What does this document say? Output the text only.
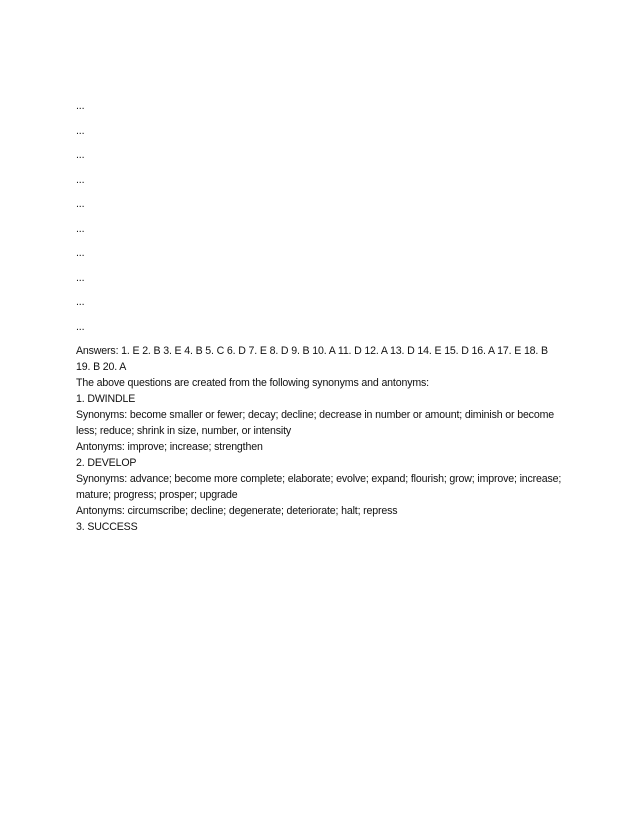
...

...

...

...

...

...

...

...

...

...

Answers: 1. E 2. B 3. E 4. B 5. C 6. D 7. E 8. D 9. B 10. A 11. D 12. A 13. D 14. E 15. D 16. A 17. E 18. B 19. B 20. A

The above questions are created from the following synonyms and antonyms:

1. DWINDLE

Synonyms: become smaller or fewer; decay; decline; decrease in number or amount; diminish or become less; reduce; shrink in size, number, or intensity

Antonyms: improve; increase; strengthen

2. DEVELOP

Synonyms: advance; become more complete; elaborate; evolve; expand; flourish; grow; improve; increase; mature; progress; prosper; upgrade

Antonyms: circumscribe; decline; degenerate; deteriorate; halt; repress

3. SUCCESS
